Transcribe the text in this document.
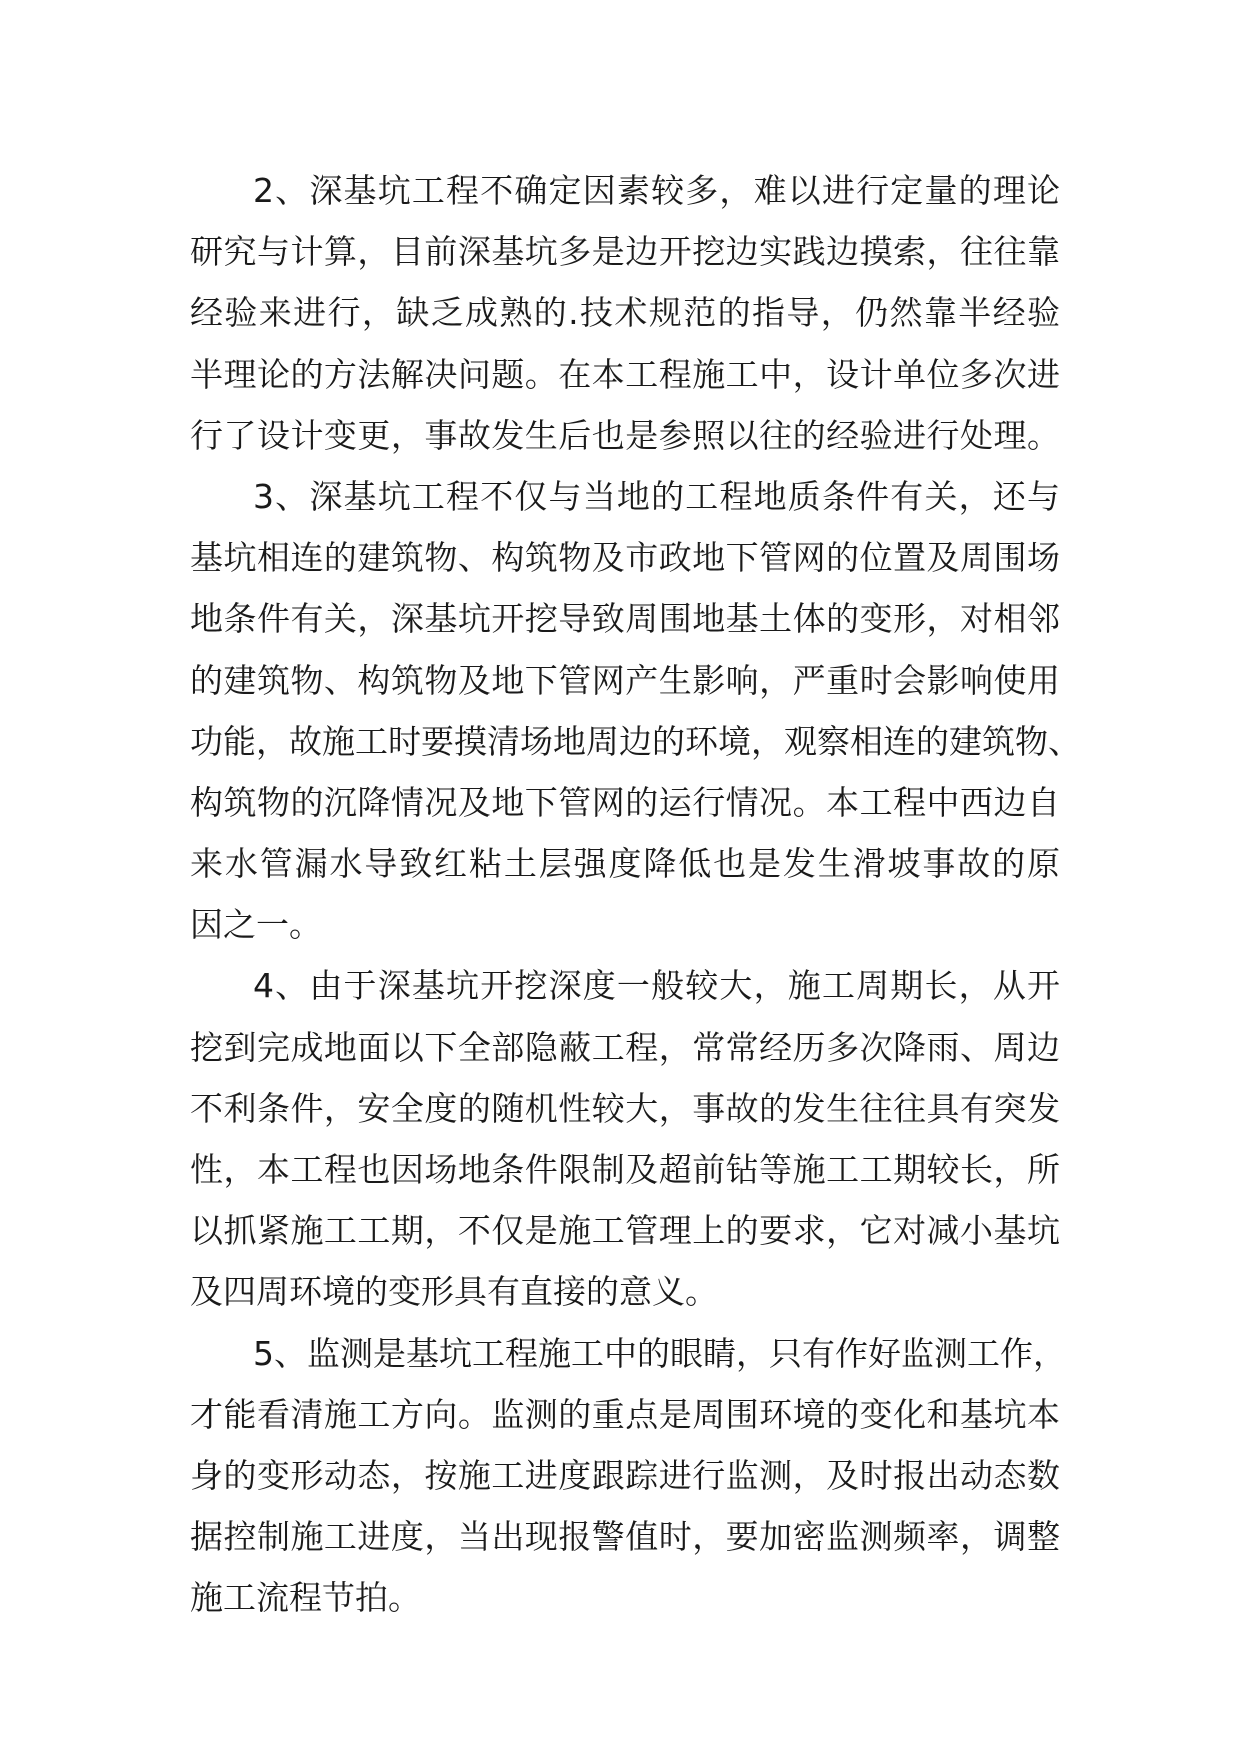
2、深基坑工程不确定因素较多，难以进行定量的理论
研究与计算，目前深基坑多是边开挖边实践边摸索，往往靠
经验来进行，缺乏成熟的.技术规范的指导，仍然靠半经验
半理论的方法解决问题。在本工程施工中，设计单位多次进
行了设计变更，事故发生后也是参照以往的经验进行处理。
3、深基坑工程不仅与当地的工程地质条件有关，还与
基坑相连的建筑物、构筑物及市政地下管网的位置及周围场
地条件有关，深基坑开挖导致周围地基土体的变形，对相邻
的建筑物、构筑物及地下管网产生影响，严重时会影响使用
功能，故施工时要摸清场地周边的环境，观察相连的建筑物、
构筑物的沉降情况及地下管网的运行情况。本工程中西边自
来水管漏水导致红粘土层强度降低也是发生滑坡事故的原
因之一。
4、由于深基坑开挖深度一般较大，施工周期长，从开
挖到完成地面以下全部隐蔽工程，常常经历多次降雨、周边
不利条件，安全度的随机性较大，事故的发生往往具有突发
性，本工程也因场地条件限制及超前钻等施工工期较长，所
以抓紧施工工期，不仅是施工管理上的要求，它对减小基坑
及四周环境的变形具有直接的意义。
5、监测是基坑工程施工中的眼睛，只有作好监测工作，
才能看清施工方向。监测的重点是周围环境的变化和基坑本
身的变形动态，按施工进度跟踪进行监测，及时报出动态数
据控制施工进度，当出现报警值时，要加密监测频率，调整
施工流程节拍。
